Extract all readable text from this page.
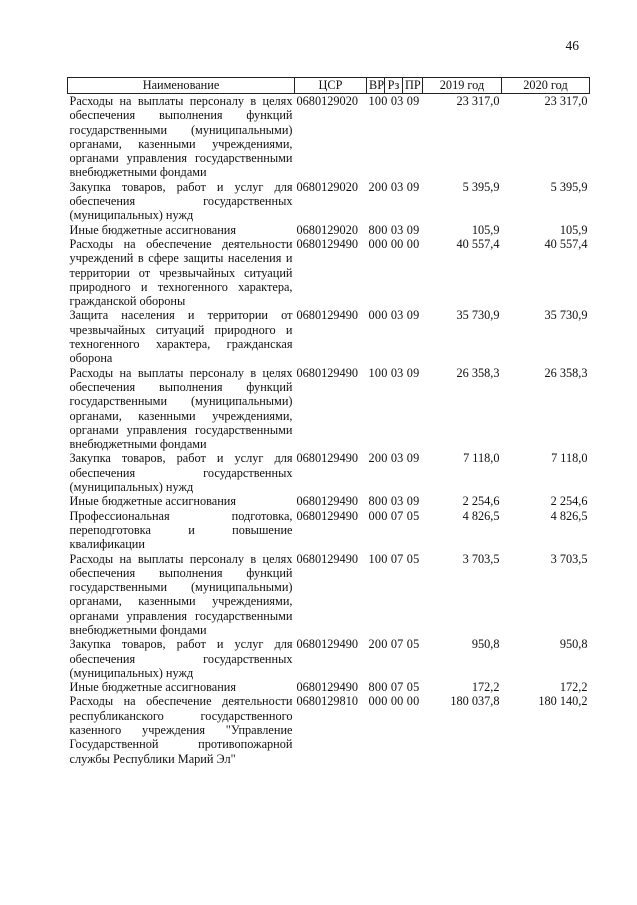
46
Наименование	ЦСР	ВР	Рз	ПР	2019 год	2020 год
Расходы на выплаты персоналу в целях обеспечения выполнения функций государственными (муниципальными) органами, казенными учреждениями, органами управления государственными внебюджетными фондами	0680129020	100 03 09			23 317,0	23 317,0
Закупка товаров, работ и услуг для обеспечения государственных (муниципальных) нужд	0680129020	200 03 09			5 395,9	5 395,9
Иные бюджетные ассигнования	0680129020	800 03 09			105,9	105,9
Расходы на обеспечение деятельности учреждений в сфере защиты населения и территории от чрезвычайных ситуаций природного и техногенного характера, гражданской обороны	0680129490	000 00 00			40 557,4	40 557,4
Защита населения и территории от чрезвычайных ситуаций природного и техногенного характера, гражданская оборона	0680129490	000 03 09			35 730,9	35 730,9
Расходы на выплаты персоналу в целях обеспечения выполнения функций государственными (муниципальными) органами, казенными учреждениями, органами управления государственными внебюджетными фондами	0680129490	100 03 09			26 358,3	26 358,3
Закупка товаров, работ и услуг для обеспечения государственных (муниципальных) нужд	0680129490	200 03 09			7 118,0	7 118,0
Иные бюджетные ассигнования	0680129490	800 03 09			2 254,6	2 254,6
Профессиональная подготовка, переподготовка и повышение квалификации	0680129490	000 07 05			4 826,5	4 826,5
Расходы на выплаты персоналу в целях обеспечения выполнения функций государственными (муниципальными) органами, казенными учреждениями, органами управления государственными внебюджетными фондами	0680129490	100 07 05			3 703,5	3 703,5
Закупка товаров, работ и услуг для обеспечения государственных (муниципальных) нужд	0680129490	200 07 05			950,8	950,8
Иные бюджетные ассигнования	0680129490	800 07 05			172,2	172,2
Расходы на обеспечение деятельности республиканского государственного казенного учреждения "Управление Государственной противопожарной службы Республики Марий Эл"	0680129810	000 00 00			180 037,8	180 140,2
